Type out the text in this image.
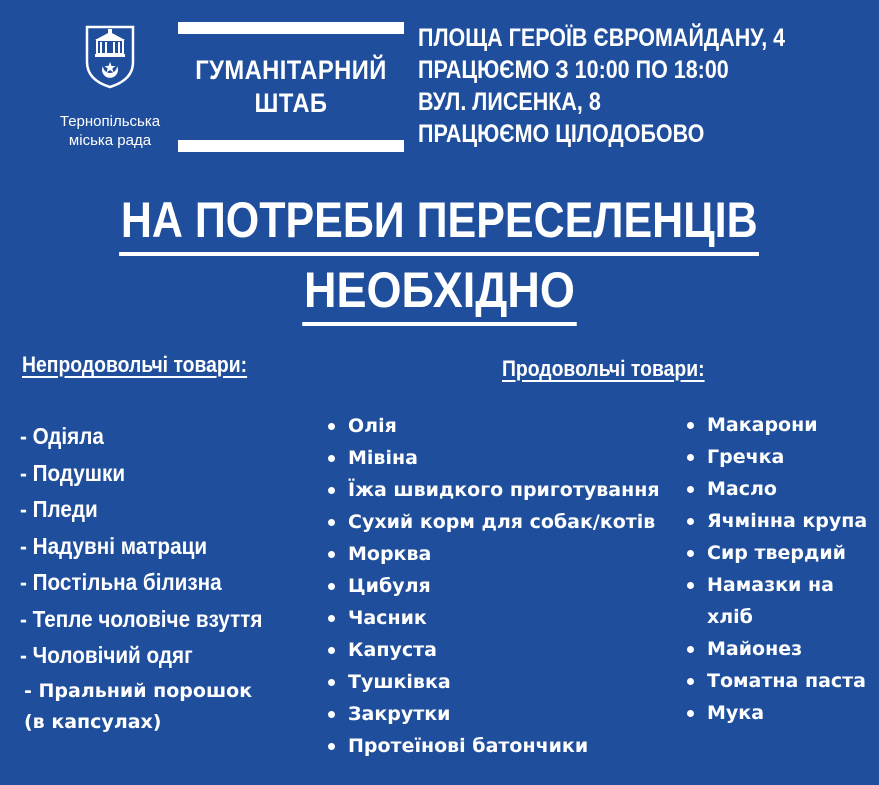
Тернопільська
міська рада
ГУМАНІТАРНИЙ
ШТАБ
ПЛОЩА ГЕРОЇВ ЄВРОМАЙДАНУ, 4
ПРАЦЮЄМО З 10:00 ПО 18:00
ВУЛ. ЛИСЕНКА, 8
ПРАЦЮЄМО ЦІЛОДОБОВО
НА ПОТРЕБИ ПЕРЕСЕЛЕНЦІВ
НЕОБХІДНО
Непродовольчі товари:	Продовольчі товари:
- Одіяла
- Подушки
- Пледи
- Надувні матраци
- Постільна білизна
- Тепле чоловіче взуття
- Чоловічий одяг
- Пральний порошок
(в капсулах)
Олія
Мівіна
Їжа швидкого приготування
Сухий корм для собак/котів
Морква
Цибуля
Часник
Капуста
Тушківка
Закрутки
Протеїнові батончики
Макарони
Гречка
Масло
Ячмінна крупа
Сир твердий
Намазки на хліб
Майонез
Томатна паста
Мука
